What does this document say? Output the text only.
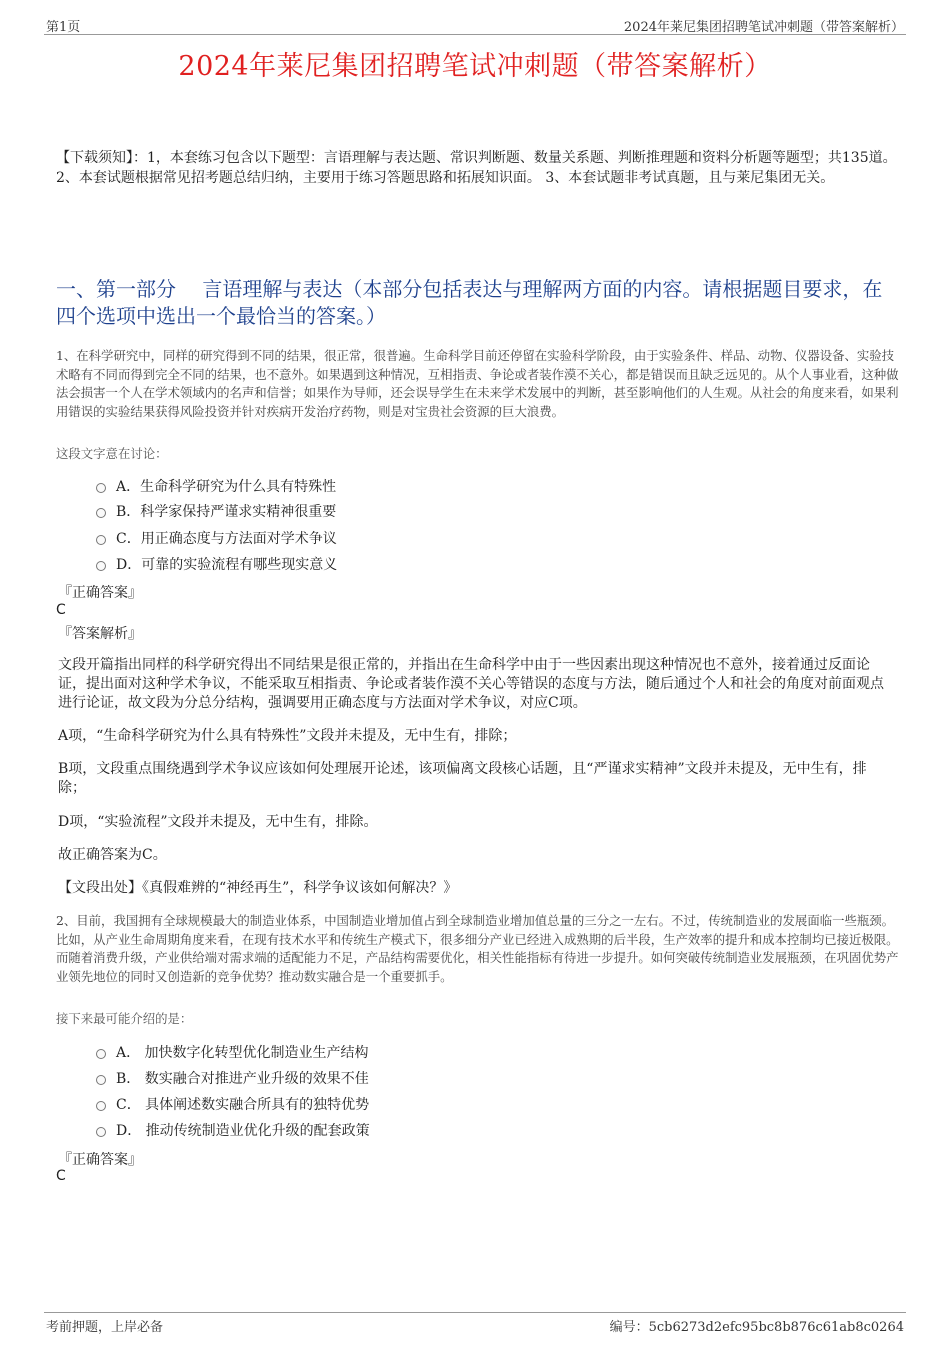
第1页	2024年莱尼集团招聘笔试冲刺题（带答案解析）
2024年莱尼集团招聘笔试冲刺题（带答案解析）
【下载须知】：1，本套练习包含以下题型：言语理解与表达题、常识判断题、数量关系题、判断推理题和资料分析题等题型；共135道。 2、本套试题根据常见招考题总结归纳，主要用于练习答题思路和拓展知识面。 3、本套试题非考试真题，且与莱尼集团无关。
一、第一部分　 言语理解与表达（本部分包括表达与理解两方面的内容。请根据题目要求，在四个选项中选出一个最恰当的答案。）
1、在科学研究中，同样的研究得到不同的结果，很正常，很普遍。生命科学目前还停留在实验科学阶段，由于实验条件、样品、动物、仪器设备、实验技术略有不同而得到完全不同的结果，也不意外。如果遇到这种情况，互相指责、争论或者装作漠不关心，都是错误而且缺乏远见的。从个人事业看，这种做法会损害一个人在学术领域内的名声和信誉；如果作为导师，还会误导学生在未来学术发展中的判断，甚至影响他们的人生观。从社会的角度来看，如果利用错误的实验结果获得风险投资并针对疾病开发治疗药物，则是对宝贵社会资源的巨大浪费。
这段文字意在讨论：
A．生命科学研究为什么具有特殊性
B．科学家保持严谨求实精神很重要
C．用正确态度与方法面对学术争议
D．可靠的实验流程有哪些现实意义
『正确答案』
C
『答案解析』
文段开篇指出同样的科学研究得出不同结果是很正常的，并指出在生命科学中由于一些因素出现这种情况也不意外，接着通过反面论证，提出面对这种学术争议，不能采取互相指责、争论或者装作漠不关心等错误的态度与方法，随后通过个人和社会的角度对前面观点进行论证，故文段为分总分结构，强调要用正确态度与方法面对学术争议，对应C项。
A项，“生命科学研究为什么具有特殊性”文段并未提及，无中生有，排除；
B项，文段重点围绕遇到学术争议应该如何处理展开论述，该项偏离文段核心话题，且“严谨求实精神”文段并未提及，无中生有，排除；
D项，“实验流程”文段并未提及，无中生有，排除。
故正确答案为C。
【文段出处】《真假难辨的“神经再生”，科学争议该如何解决？》
2、目前，我国拥有全球规模最大的制造业体系，中国制造业增加值占到全球制造业增加值总量的三分之一左右。不过，传统制造业的发展面临一些瓶颈。比如，从产业生命周期角度来看，在现有技术水平和传统生产模式下，很多细分产业已经进入成熟期的后半段，生产效率的提升和成本控制均已接近极限。而随着消费升级，产业供给端对需求端的适配能力不足，产品结构需要优化，相关性能指标有待进一步提升。如何突破传统制造业发展瓶颈，在巩固优势产业领先地位的同时又创造新的竞争优势？推动数实融合是一个重要抓手。
接下来最可能介绍的是：
A． 加快数字化转型优化制造业生产结构
B． 数实融合对推进产业升级的效果不佳
C． 具体阐述数实融合所具有的独特优势
D． 推动传统制造业优化升级的配套政策
『正确答案』
C
考前押题，上岸必备	编号：5cb6273d2efc95bc8b876c61ab8c0264
